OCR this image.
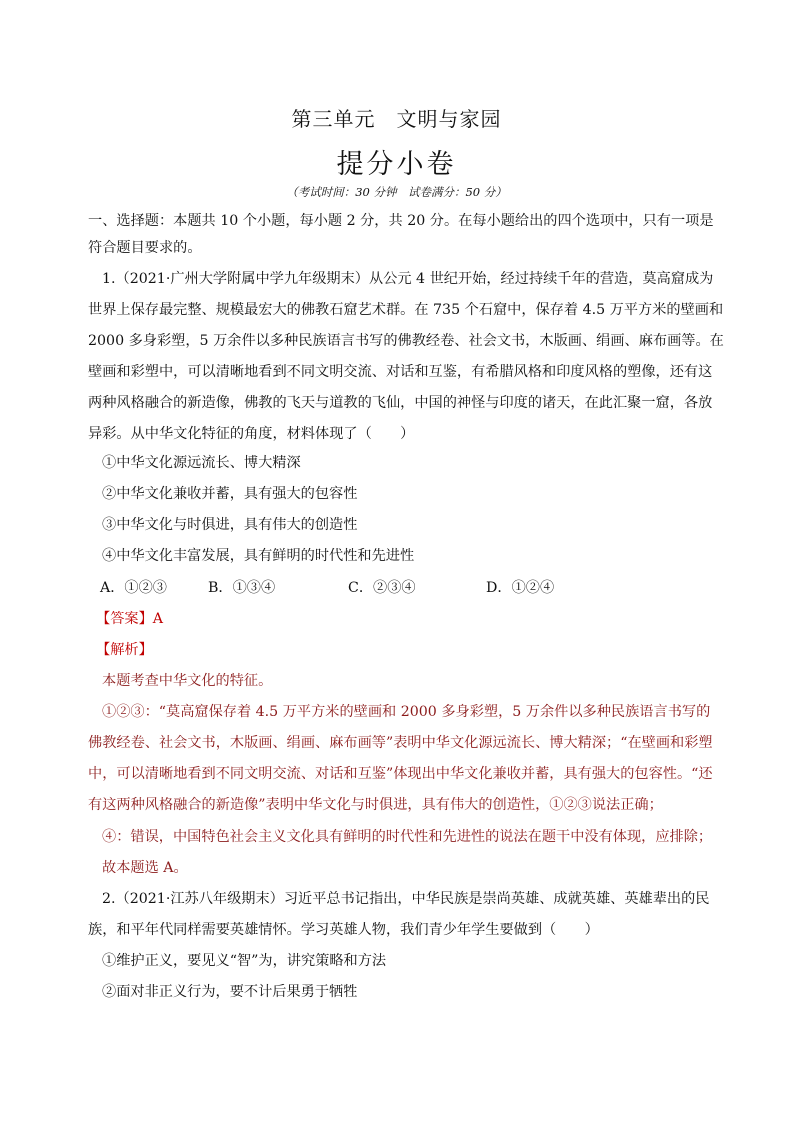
第三单元　文明与家园
提分小卷
（考试时间：30 分钟　试卷满分：50 分）

一、选择题：本题共 10 个小题，每小题 2 分，共 20 分。在每小题给出的四个选项中，只有一项是符合题目要求的。

1.（2021·广州大学附属中学九年级期末）从公元 4 世纪开始，经过持续千年的营造，莫高窟成为世界上保存最完整、规模最宏大的佛教石窟艺术群。在 735 个石窟中，保存着 4.5 万平方米的壁画和 2000 多身彩塑，5 万余件以多种民族语言书写的佛教经卷、社会文书，木版画、绢画、麻布画等。在壁画和彩塑中，可以清晰地看到不同文明交流、对话和互鉴，有希腊风格和印度风格的塑像，还有这两种风格融合的新造像，佛教的飞天与道教的飞仙，中国的神怪与印度的诸天，在此汇聚一窟，各放异彩。从中华文化特征的角度，材料体现了（　　）

①中华文化源远流长、博大精深

②中华文化兼收并蓄，具有强大的包容性

③中华文化与时俱进，具有伟大的创造性

④中华文化丰富发展，具有鲜明的时代性和先进性

A．①②③	B．①③④	C．②③④	D．①②④

【答案】A

【解析】

本题考查中华文化的特征。

①②③：“莫高窟保存着 4.5 万平方米的壁画和 2000 多身彩塑，5 万余件以多种民族语言书写的佛教经卷、社会文书，木版画、绢画、麻布画等”表明中华文化源远流长、博大精深；“在壁画和彩塑中，可以清晰地看到不同文明交流、对话和互鉴”体现出中华文化兼收并蓄，具有强大的包容性。“还有这两种风格融合的新造像”表明中华文化与时俱进，具有伟大的创造性，①②③说法正确；

④：错误，中国特色社会主义文化具有鲜明的时代性和先进性的说法在题干中没有体现，应排除；

故本题选 A。

2.（2021·江苏八年级期末）习近平总书记指出，中华民族是崇尚英雄、成就英雄、英雄辈出的民族，和平年代同样需要英雄情怀。学习英雄人物，我们青少年学生要做到（　　）

①维护正义，要见义“智”为，讲究策略和方法

②面对非正义行为，要不计后果勇于牺牲
